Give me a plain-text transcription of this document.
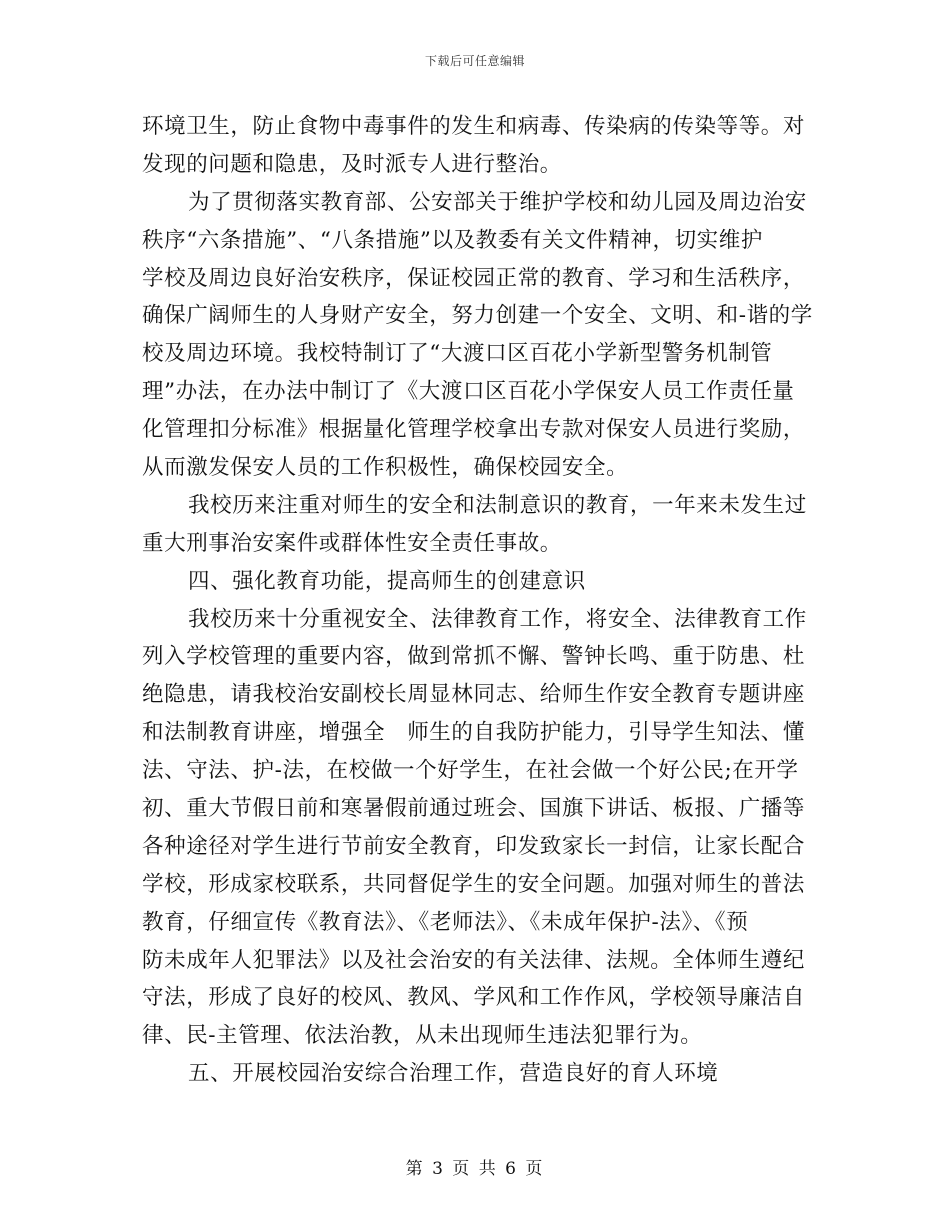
下载后可任意编辑
环境卫生，防止食物中毒事件的发生和病毒、传染病的传染等等。对
发现的问题和隐患，及时派专人进行整治。
为了贯彻落实教育部、公安部关于维护学校和幼儿园及周边治安
秩序“六条措施”、“八条措施”以及教委有关文件精神，切实维护
学校及周边良好治安秩序，保证校园正常的教育、学习和生活秩序，
确保广阔师生的人身财产安全，努力创建一个安全、文明、和-谐的学
校及周边环境。我校特制订了“大渡口区百花小学新型警务机制管
理”办法，在办法中制订了《大渡口区百花小学保安人员工作责任量
化管理扣分标准》根据量化管理学校拿出专款对保安人员进行奖励，
从而激发保安人员的工作积极性，确保校园安全。
我校历来注重对师生的安全和法制意识的教育，一年来未发生过
重大刑事治安案件或群体性安全责任事故。
四、强化教育功能，提高师生的创建意识
我校历来十分重视安全、法律教育工作，将安全、法律教育工作
列入学校管理的重要内容，做到常抓不懈、警钟长鸣、重于防患、杜
绝隐患，请我校治安副校长周显林同志、给师生作安全教育专题讲座
和法制教育讲座，增强全　师生的自我防护能力，引导学生知法、懂
法、守法、护-法，在校做一个好学生，在社会做一个好公民;在开学
初、重大节假日前和寒暑假前通过班会、国旗下讲话、板报、广播等
各种途径对学生进行节前安全教育，印发致家长一封信，让家长配合
学校，形成家校联系，共同督促学生的安全问题。加强对师生的普法
教育，仔细宣传《教育法》、《老师法》、《未成年保护-法》、《预
防未成年人犯罪法》以及社会治安的有关法律、法规。全体师生遵纪
守法，形成了良好的校风、教风、学风和工作作风，学校领导廉洁自
律、民-主管理、依法治教，从未出现师生违法犯罪行为。
五、开展校园治安综合治理工作，营造良好的育人环境
第 3 页 共 6 页
